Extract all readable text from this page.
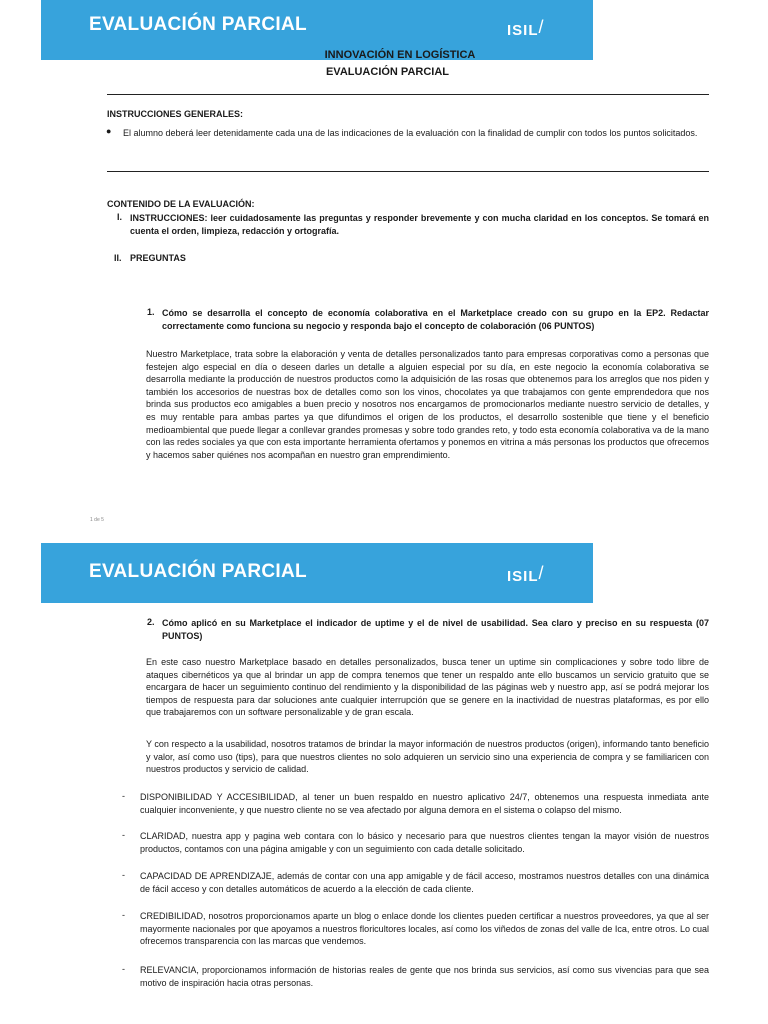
EVALUACIÓN PARCIAL	ISIL/
INNOVACIÓN EN LOGÍSTICA
EVALUACIÓN PARCIAL
INSTRUCCIONES GENERALES:
● El alumno deberá leer detenidamente cada una de las indicaciones de la evaluación con la finalidad de cumplir con todos los puntos solicitados.
CONTENIDO DE LA EVALUACIÓN:
I. INSTRUCCIONES: leer cuidadosamente las preguntas y responder brevemente y con mucha claridad en los conceptos. Se tomará en cuenta el orden, limpieza, redacción y ortografía.
II. PREGUNTAS
1. Cómo se desarrolla el concepto de economía colaborativa en el Marketplace creado con su grupo en la EP2. Redactar correctamente como funciona su negocio y responda bajo el concepto de colaboración (06 PUNTOS)
Nuestro Marketplace, trata sobre la elaboración y venta de detalles personalizados tanto para empresas corporativas como a personas que festejen algo especial en día o deseen darles un detalle a alguien especial por su día, en este negocio la economía colaborativa se desarrolla mediante la producción de nuestros productos como la adquisición de las rosas que obtenemos para los arreglos que nos piden y también los accesorios de nuestras box de detalles como son los vinos, chocolates ya que trabajamos con gente emprendedora que nos brinda sus productos eco amigables a buen precio y nosotros nos encargamos de promocionarlos mediante nuestro servicio de detalles, y es muy rentable para ambas partes ya que difundimos el origen de los productos, el desarrollo sostenible que tiene y el beneficio medioambiental que puede llegar a conllevar grandes promesas y sobre todo grandes reto, y todo esta economía colaborativa va de la mano con las redes sociales ya que con esta importante herramienta ofertamos y ponemos en vitrina a más personas los productos que ofrecemos y hacemos saber quiénes nos acompañan en nuestro gran emprendimiento.
1 de 5
EVALUACIÓN PARCIAL	ISIL/
2. Cómo aplicó en su Marketplace el indicador de uptime y el de nivel de usabilidad. Sea claro y preciso en su respuesta (07 PUNTOS)
En este caso nuestro Marketplace basado en detalles personalizados, busca tener un uptime sin complicaciones y sobre todo libre de ataques cibernéticos ya que al brindar un app de compra tenemos que tener un respaldo ante ello buscamos un servicio gratuito que se encargara de hacer un seguimiento continuo del rendimiento y la disponibilidad de las páginas web y nuestro app, así se podrá mejorar los tiempos de respuesta para dar soluciones ante cualquier interrupción que se genere en la inactividad de nuestras plataformas, es por ello que trabajaremos con un software personalizable y de gran escala.
Y con respecto a la usabilidad, nosotros tratamos de brindar la mayor información de nuestros productos (origen), informando tanto beneficio y valor, así como uso (tips), para que nuestros clientes no solo adquieren un servicio sino una experiencia de compra y se familiaricen con nuestros productos y servicio de calidad.
- DISPONIBILIDAD Y ACCESIBILIDAD, al tener un buen respaldo en nuestro aplicativo 24/7, obtenemos una respuesta inmediata ante cualquier inconveniente, y que nuestro cliente no se vea afectado por alguna demora en el sistema o colapso del mismo.
- CLARIDAD, nuestra app y pagina web contara con lo básico y necesario para que nuestros clientes tengan la mayor visión de nuestros productos, contamos con una página amigable y con un seguimiento con cada detalle solicitado.
- CAPACIDAD DE APRENDIZAJE, además de contar con una app amigable y de fácil acceso, mostramos nuestros detalles con una dinámica de fácil acceso y con detalles automáticos de acuerdo a la elección de cada cliente.
- CREDIBILIDAD, nosotros proporcionamos aparte un blog o enlace donde los clientes pueden certificar a nuestros proveedores, ya que al ser mayormente nacionales por que apoyamos a nuestros floricultores locales, así como los viñedos de zonas del valle de Ica, entre otros. Lo cual ofrecemos transparencia con las marcas que vendemos.
- RELEVANCIA, proporcionamos información de historias reales de gente que nos brinda sus servicios, así como sus vivencias para que sea motivo de inspiración hacia otras personas.
